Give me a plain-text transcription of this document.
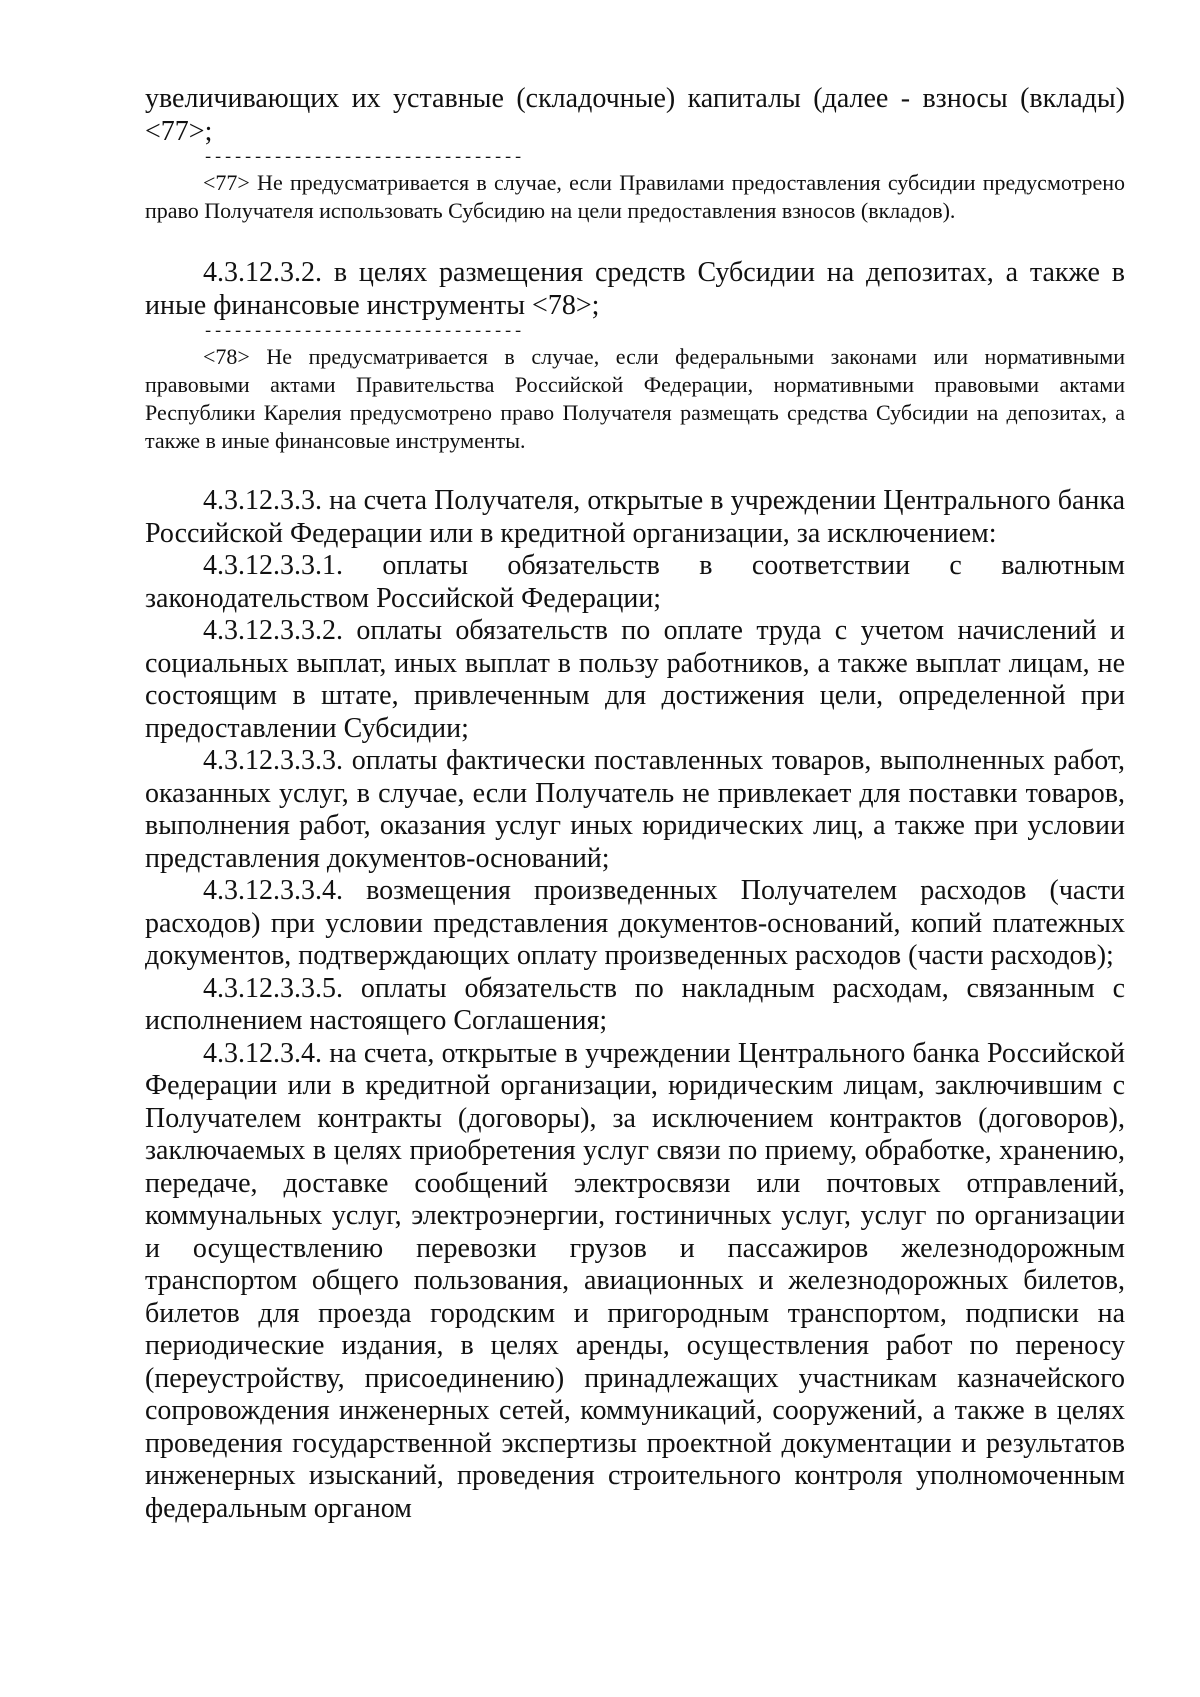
увеличивающих их уставные (складочные) капиталы (далее - взносы (вклады) <77>;

--------------------------------

<77> Не предусматривается в случае, если Правилами предоставления субсидии предусмотрено право Получателя использовать Субсидию на цели предоставления взносов (вкладов).

4.3.12.3.2. в целях размещения средств Субсидии на депозитах, а также в иные финансовые инструменты <78>;

--------------------------------

<78> Не предусматривается в случае, если федеральными законами или нормативными правовыми актами Правительства Российской Федерации, нормативными правовыми актами Республики Карелия предусмотрено право Получателя размещать средства Субсидии на депозитах, а также в иные финансовые инструменты.

4.3.12.3.3. на счета Получателя, открытые в учреждении Центрального банка Российской Федерации или в кредитной организации, за исключением:

4.3.12.3.3.1. оплаты обязательств в соответствии с валютным законодательством Российской Федерации;

4.3.12.3.3.2. оплаты обязательств по оплате труда с учетом начислений и социальных выплат, иных выплат в пользу работников, а также выплат лицам, не состоящим в штате, привлеченным для достижения цели, определенной при предоставлении Субсидии;

4.3.12.3.3.3. оплаты фактически поставленных товаров, выполненных работ, оказанных услуг, в случае, если Получатель не привлекает для поставки товаров, выполнения работ, оказания услуг иных юридических лиц, а также при условии представления документов-оснований;

4.3.12.3.3.4. возмещения произведенных Получателем расходов (части расходов) при условии представления документов-оснований, копий платежных документов, подтверждающих оплату произведенных расходов (части расходов);

4.3.12.3.3.5. оплаты обязательств по накладным расходам, связанным с исполнением настоящего Соглашения;

4.3.12.3.4. на счета, открытые в учреждении Центрального банка Российской Федерации или в кредитной организации, юридическим лицам, заключившим с Получателем контракты (договоры), за исключением контрактов (договоров), заключаемых в целях приобретения услуг связи по приему, обработке, хранению, передаче, доставке сообщений электросвязи или почтовых отправлений, коммунальных услуг, электроэнергии, гостиничных услуг, услуг по организации и осуществлению перевозки грузов и пассажиров железнодорожным транспортом общего пользования, авиационных и железнодорожных билетов, билетов для проезда городским и пригородным транспортом, подписки на периодические издания, в целях аренды, осуществления работ по переносу (переустройству, присоединению) принадлежащих участникам казначейского сопровождения инженерных сетей, коммуникаций, сооружений, а также в целях проведения государственной экспертизы проектной документации и результатов инженерных изысканий, проведения строительного контроля уполномоченным федеральным органом
